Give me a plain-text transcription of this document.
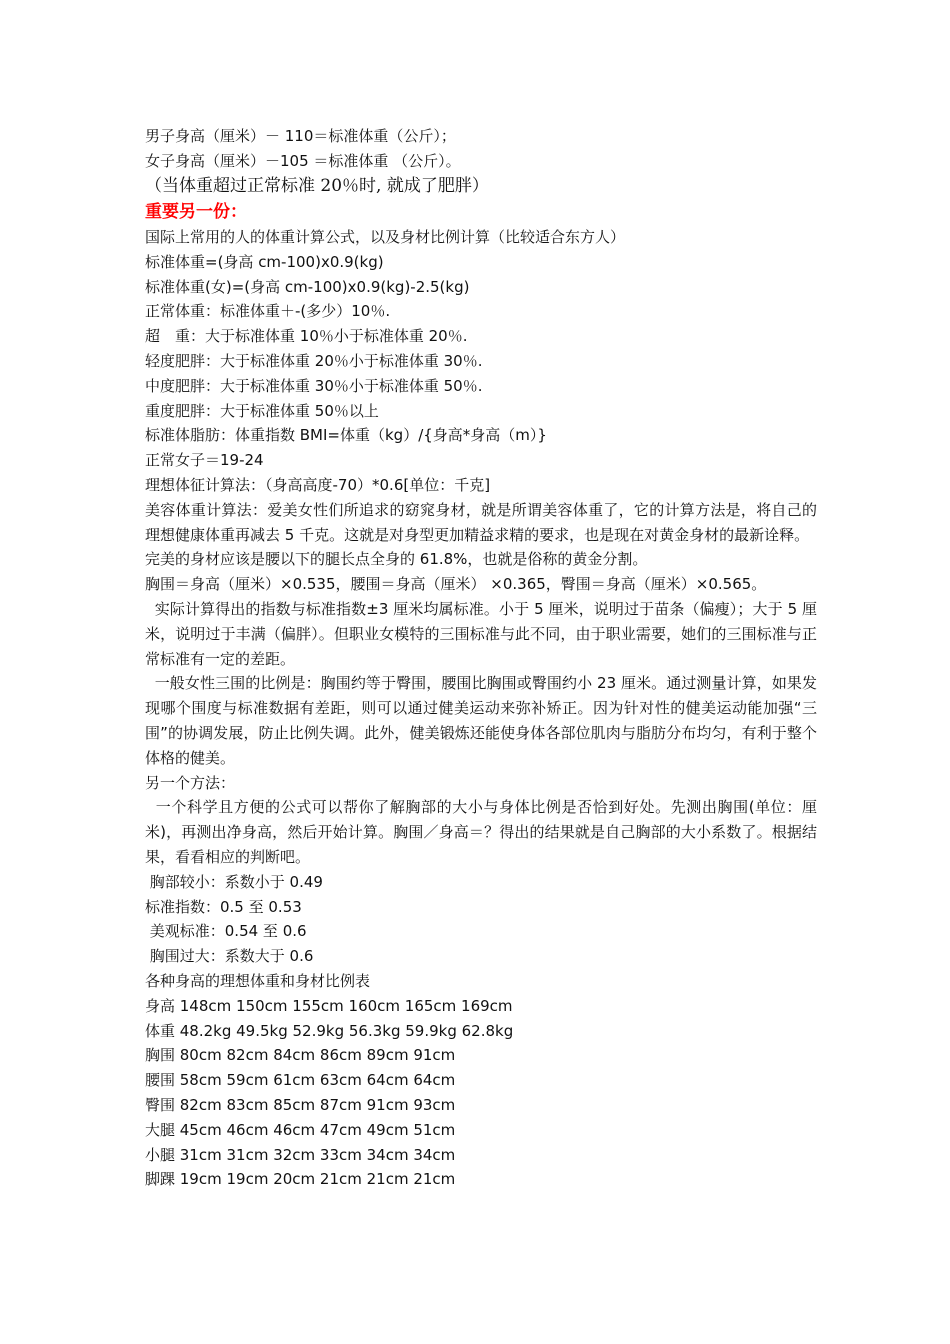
男子身高（厘米）－ 110＝标准体重（公斤）；
女子身高（厘米）－105 ＝标准体重 （公斤）。
（当体重超过正常标准 20％时, 就成了肥胖）
重要另一份：
国际上常用的人的体重计算公式，以及身材比例计算（比较适合东方人）
标准体重=(身高 cm-100)x0.9(kg)
标准体重(女)=(身高 cm-100)x0.9(kg)-2.5(kg)
正常体重：标准体重＋-(多少）10％.
超　重：大于标准体重 10％小于标准体重 20％.
轻度肥胖：大于标准体重 20％小于标准体重 30％.
中度肥胖：大于标准体重 30％小于标准体重 50％.
重度肥胖：大于标准体重 50％以上
标准体脂肪：体重指数 BMI=体重（kg）/{身高*身高（m）}
正常女子＝19-24
理想体征计算法：（身高高度-70）*0.6[单位：千克]
美容体重计算法：爱美女性们所追求的窈窕身材，就是所谓美容体重了，它的计算方法是，将自己的理想健康体重再减去 5 千克。这就是对身型更加精益求精的要求，也是现在对黄金身材的最新诠释。
完美的身材应该是腰以下的腿长点全身的 61.8%，也就是俗称的黄金分割。
胸围＝身高（厘米）×0.535，腰围＝身高（厘米） ×0.365，臀围＝身高（厘米）×0.565。
实际计算得出的指数与标准指数±3 厘米均属标准。小于 5 厘米，说明过于苗条（偏瘦）；大于 5 厘米，说明过于丰满（偏胖）。但职业女模特的三围标准与此不同，由于职业需要，她们的三围标准与正常标准有一定的差距。
一般女性三围的比例是：胸围约等于臀围，腰围比胸围或臀围约小 23 厘米。通过测量计算，如果发现哪个围度与标准数据有差距，则可以通过健美运动来弥补矫正。因为针对性的健美运动能加强“三围”的协调发展，防止比例失调。此外，健美锻炼还能使身体各部位肌肉与脂肪分布均匀，有利于整个体格的健美。
另一个方法：
一个科学且方便的公式可以帮你了解胸部的大小与身体比例是否恰到好处。先测出胸围(单位：厘米)，再测出净身高，然后开始计算。胸围／身高＝？得出的结果就是自己胸部的大小系数了。根据结果，看看相应的判断吧。
胸部较小：系数小于 0.49
标准指数：0.5 至 0.53
美观标准：0.54 至 0.6
胸围过大：系数大于 0.6
各种身高的理想体重和身材比例表
身高 148cm 150cm 155cm 160cm 165cm 169cm
体重 48.2kg 49.5kg 52.9kg 56.3kg 59.9kg 62.8kg
胸围 80cm 82cm 84cm 86cm 89cm 91cm
腰围 58cm 59cm 61cm 63cm 64cm 64cm
臀围 82cm 83cm 85cm 87cm 91cm 93cm
大腿 45cm 46cm 46cm 47cm 49cm 51cm
小腿 31cm 31cm 32cm 33cm 34cm 34cm
脚踝 19cm 19cm 20cm 21cm 21cm 21cm
